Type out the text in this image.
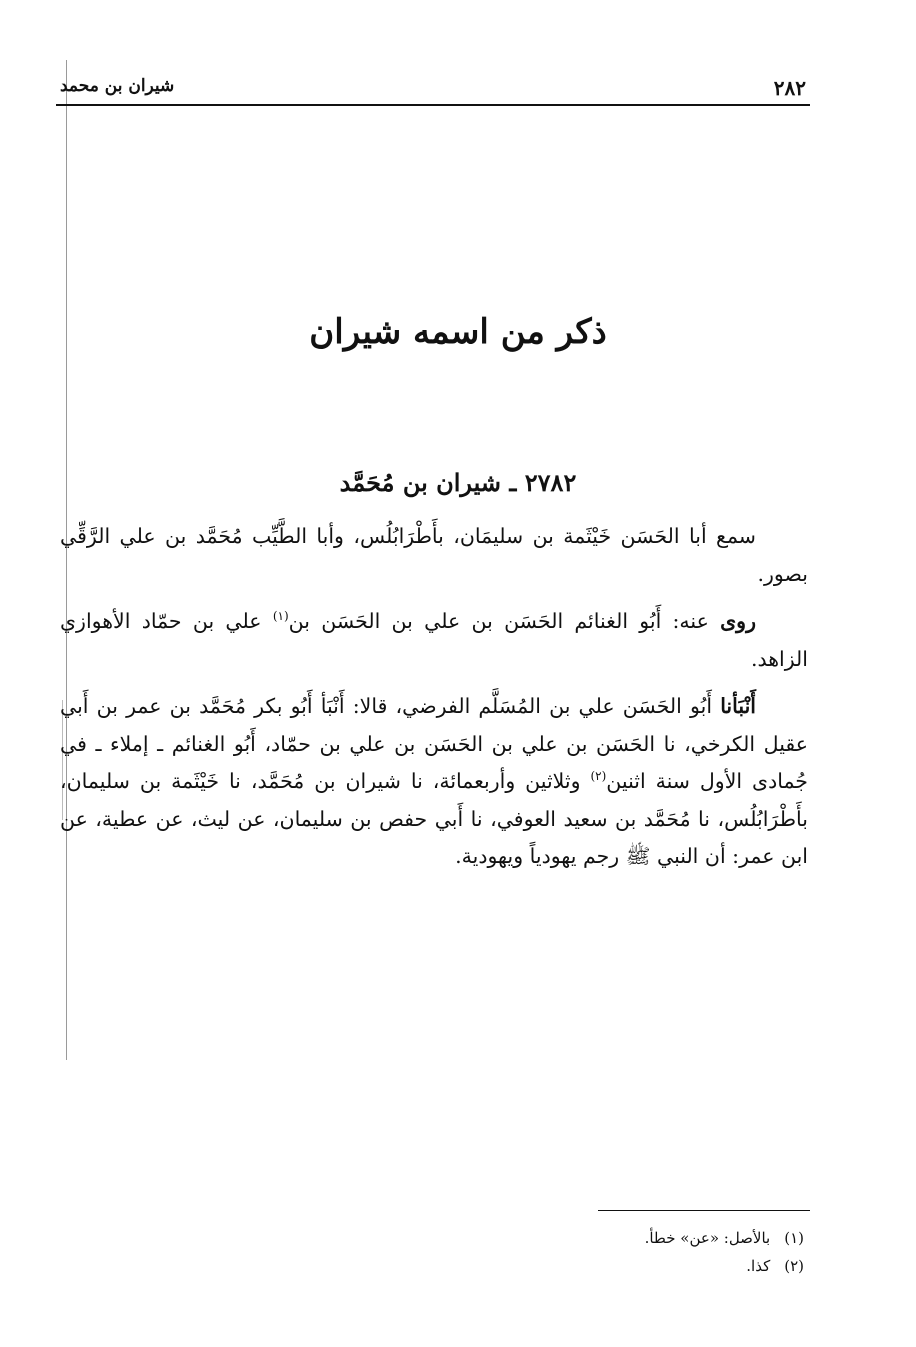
٢٨٢
شيران بن محمد
ذكر من اسمه شيران
٢٧٨٢ ـ شيران بن مُحَمَّد

سمع أبا الحَسَن خَيْثَمة بن سليمَان، بأَطْرَابُلُس، وأبا الطَّيِّب مُحَمَّد بن علي الرَّقِّي بصور.

روى عنه: أَبُو الغنائم الحَسَن بن علي بن الحَسَن بن$^{(١)}$ علي بن حمّاد الأهوازي الزاهد.

أَنْبَأنا أَبُو الحَسَن علي بن المُسَلَّم الفرضي، قالا: أَنْبَأ أَبُو بكر مُحَمَّد بن عمر بن أَبي عقيل الكرخي، نا الحَسَن بن علي بن الحَسَن بن علي بن حمّاد، أَبُو الغنائم ـ إملاء ـ في جُمادى الأول سنة اثنين$^{(٢)}$ وثلاثين وأربعمائة، نا شيران بن مُحَمَّد، نا خَيْثَمة بن سليمان، بأَطْرَابُلُس، نا مُحَمَّد بن سعيد العوفي، نا أَبي حفص بن سليمان، عن ليث، عن عطية، عن ابن عمر: أن النبي ﷺ رجم يهودياً ويهودية.

(١)بالأصل: «عن» خطأ.
(٢)كذا.
